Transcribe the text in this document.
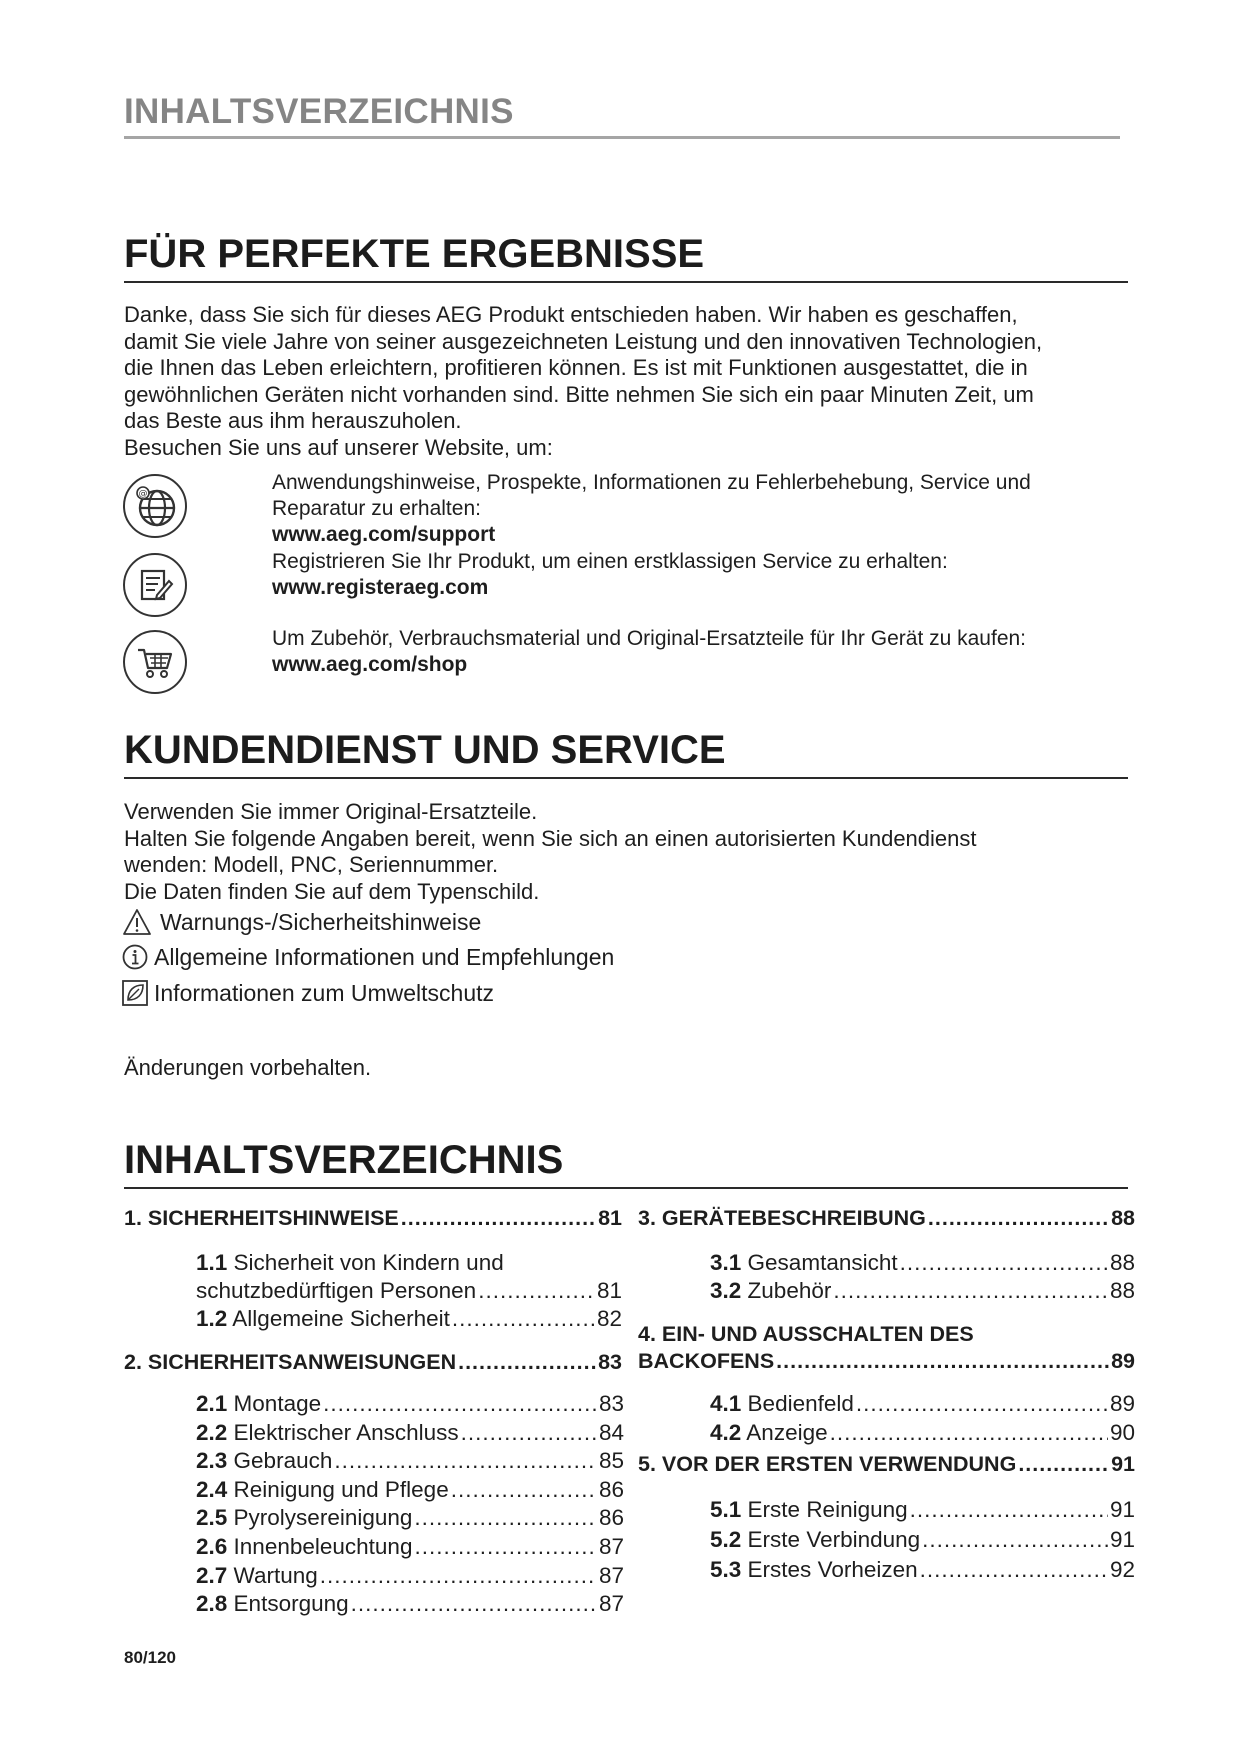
INHALTSVERZEICHNIS
FÜR PERFEKTE ERGEBNISSE
Danke, dass Sie sich für dieses AEG Produkt entschieden haben. Wir haben es geschaffen,
damit Sie viele Jahre von seiner ausgezeichneten Leistung und den innovativen Technologien,
die Ihnen das Leben erleichtern, profitieren können. Es ist mit Funktionen ausgestattet, die in
gewöhnlichen Geräten nicht vorhanden sind. Bitte nehmen Sie sich ein paar Minuten Zeit, um
das Beste aus ihm herauszuholen.
Besuchen Sie uns auf unserer Website, um:
@	Anwendungshinweise, Prospekte, Informationen zu Fehlerbehebung, Service und
Reparatur zu erhalten:
www.aeg.com/support
Registrieren Sie Ihr Produkt, um einen erstklassigen Service zu erhalten:
www.registeraeg.com
Um Zubehör, Verbrauchsmaterial und Original-Ersatzteile für Ihr Gerät zu kaufen:
www.aeg.com/shop
KUNDENDIENST UND SERVICE
Verwenden Sie immer Original-Ersatzteile.
Halten Sie folgende Angaben bereit, wenn Sie sich an einen autorisierten Kundendienst
wenden: Modell, PNC, Seriennummer.
Die Daten finden Sie auf dem Typenschild.
Warnungs-/Sicherheitshinweise
Allgemeine Informationen und Empfehlungen
Informationen zum Umweltschutz
Änderungen vorbehalten.
INHALTSVERZEICHNIS
1. SICHERHEITSHINWEISE .....	81
1.1 Sicherheit von Kindern und
schutzbedürftigen Personen .....	81
1.2 Allgemeine Sicherheit .....	82
2. SICHERHEITSANWEISUNGEN .....	83
2.1 Montage .....	83
2.2 Elektrischer Anschluss .....	84
2.3 Gebrauch .....	85
2.4 Reinigung und Pflege .....	86
2.5 Pyrolysereinigung .....	86
2.6 Innenbeleuchtung .....	87
2.7 Wartung .....	87
2.8 Entsorgung .....	87
3. GERÄTEBESCHREIBUNG .....	88
3.1 Gesamtansicht .....	88
3.2 Zubehör .....	88
4. EIN- UND AUSSCHALTEN DES
BACKOFENS .....	89
4.1 Bedienfeld .....	89
4.2 Anzeige .....	90
5. VOR DER ERSTEN VERWENDUNG .....	91
5.1 Erste Reinigung .....	91
5.2 Erste Verbindung .....	91
5.3 Erstes Vorheizen .....	92
80/120
